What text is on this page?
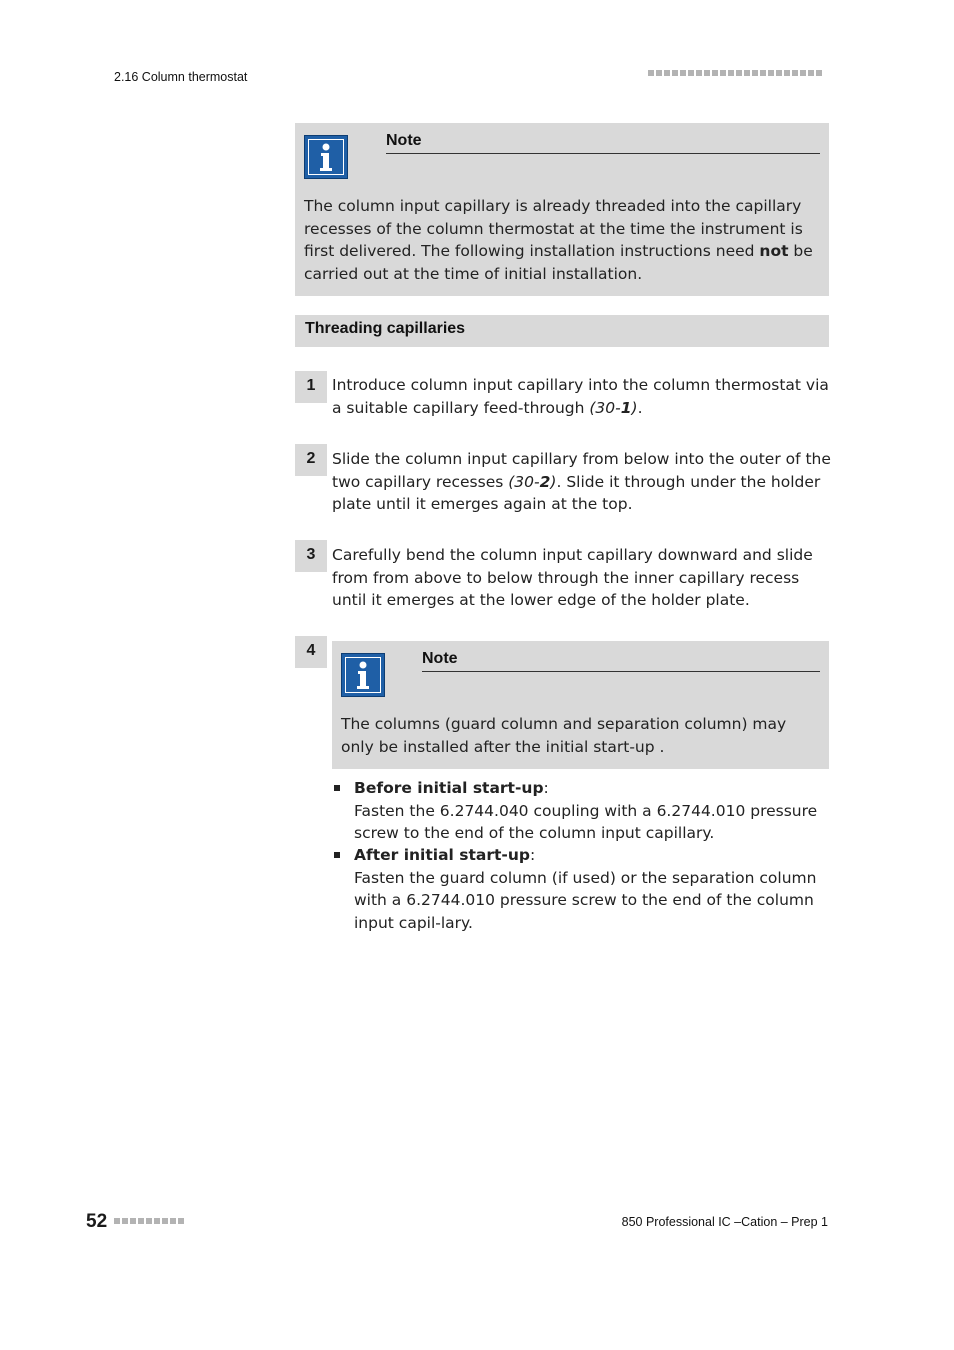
2.16 Column thermostat
Note
The column input capillary is already threaded into the capillary recesses of the column thermostat at the time the instrument is first delivered. The following installation instructions need not be carried out at the time of initial installation.
Threading capillaries
1	Introduce column input capillary into the column thermostat via a suitable capillary feed-through (30-1).
2	Slide the column input capillary from below into the outer of the two capillary recesses (30-2). Slide it through under the holder plate until it emerges again at the top.
3	Carefully bend the column input capillary downward and slide from from above to below through the inner capillary recess until it emerges at the lower edge of the holder plate.
4	Note
The columns (guard column and separation column) may only be installed after the initial start-up .
Before initial start-up:
Fasten the 6.2744.040 coupling with a 6.2744.010 pressure screw to the end of the column input capillary.
After initial start-up:
Fasten the guard column (if used) or the separation column with a 6.2744.010 pressure screw to the end of the column input capil-lary.
52	850 Professional IC –Cation – Prep 1
